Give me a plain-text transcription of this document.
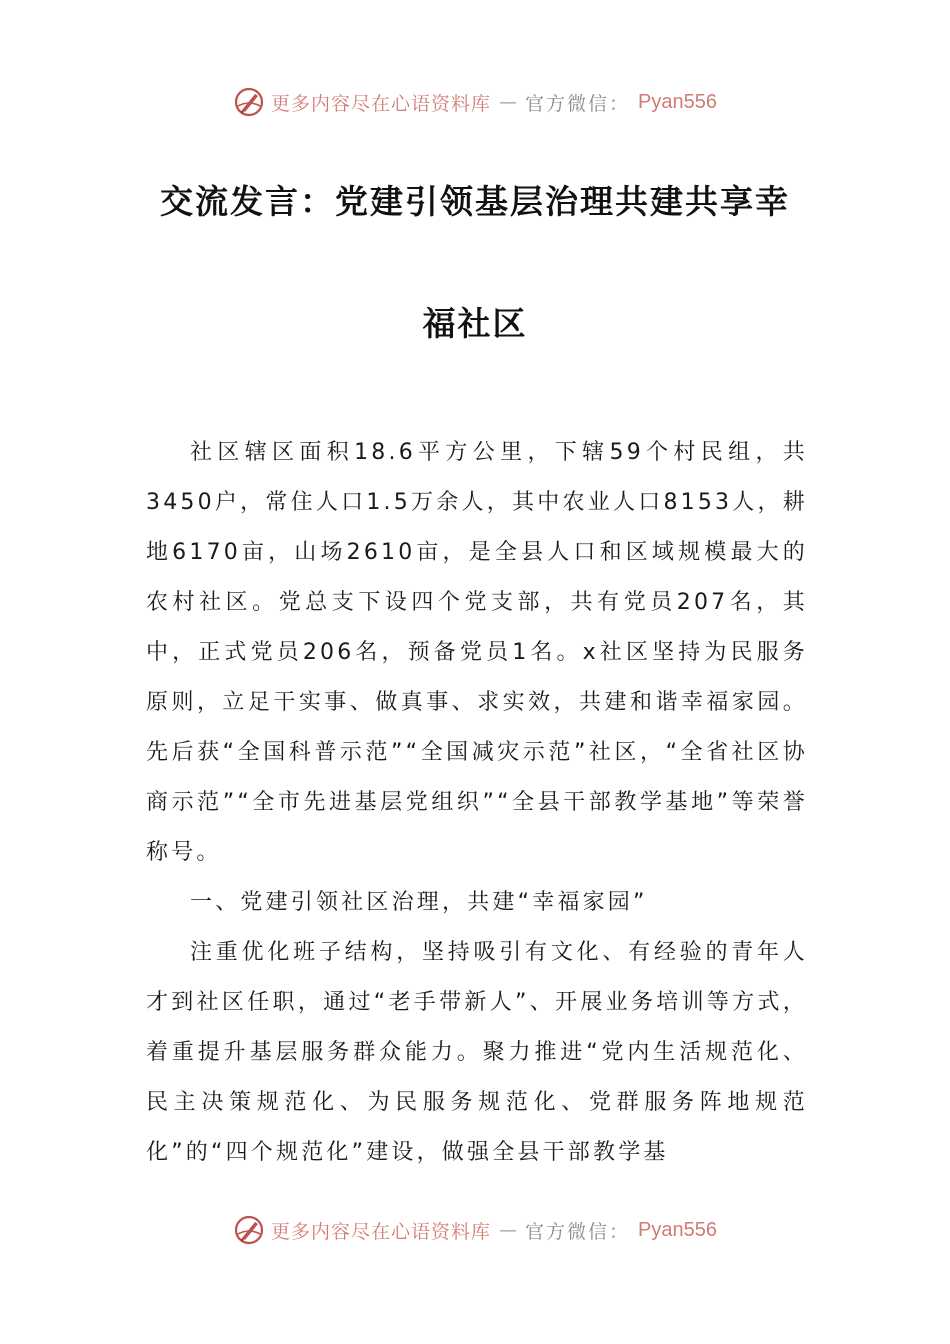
更多内容尽在心语资料库 — 官方微信： Pyan556
交流发言：党建引领基层治理共建共享幸
福社区

社区辖区面积18.6平方公里，下辖59个村民组，共3450户，常住人口1.5万余人，其中农业人口8153人，耕地6170亩，山场2610亩，是全县人口和区域规模最大的农村社区。党总支下设四个党支部，共有党员207名，其中，正式党员206名，预备党员1名。x社区坚持为民服务原则，立足干实事、做真事、求实效，共建和谐幸福家园。先后获“全国科普示范”“全国减灾示范”社区，“全省社区协商示范”“全市先进基层党组织”“全县干部教学基地”等荣誉称号。

一、党建引领社区治理，共建“幸福家园”

注重优化班子结构，坚持吸引有文化、有经验的青年人才到社区任职，通过“老手带新人”、开展业务培训等方式，着重提升基层服务群众能力。聚力推进“党内生活规范化、民主决策规范化、为民服务规范化、党群服务阵地规范化”的“四个规范化”建设，做强全县干部教学基

更多内容尽在心语资料库 — 官方微信： Pyan556
